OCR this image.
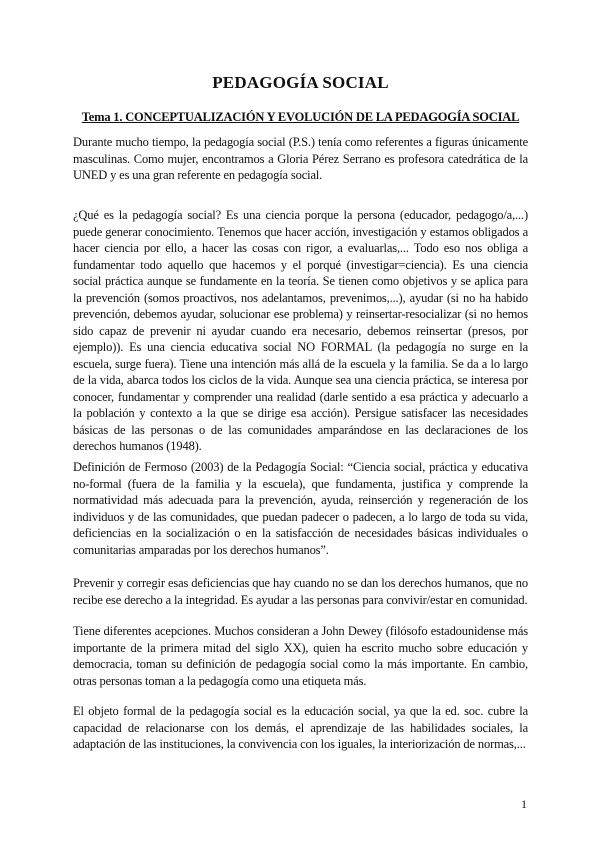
PEDAGOGÍA SOCIAL
Tema 1. CONCEPTUALIZACIÓN Y EVOLUCIÓN DE LA PEDAGOGÍA SOCIAL
Durante mucho tiempo, la pedagogía social (P.S.) tenía como referentes a figuras únicamente masculinas. Como mujer, encontramos a Gloria Pérez Serrano es profesora catedrática de la UNED y es una gran referente en pedagogía social.
¿Qué es la pedagogía social? Es una ciencia porque la persona (educador, pedagogo/a,...) puede generar conocimiento. Tenemos que hacer acción, investigación y estamos obligados a hacer ciencia por ello, a hacer las cosas con rigor, a evaluarlas,... Todo eso nos obliga a fundamentar todo aquello que hacemos y el porqué (investigar=ciencia). Es una ciencia social práctica aunque se fundamente en la teoría. Se tienen como objetivos y se aplica para la prevención (somos proactivos, nos adelantamos, prevenimos,...), ayudar (si no ha habido prevención, debemos ayudar, solucionar ese problema) y reinsertar-resocializar (si no hemos sido capaz de prevenir ni ayudar cuando era necesario, debemos reinsertar (presos, por ejemplo)). Es una ciencia educativa social NO FORMAL (la pedagogía no surge en la escuela, surge fuera). Tiene una intención más allá de la escuela y la familia. Se da a lo largo de la vida, abarca todos los ciclos de la vida. Aunque sea una ciencia práctica, se interesa por conocer, fundamentar y comprender una realidad (darle sentido a esa práctica y adecuarlo a la población y contexto a la que se dirige esa acción). Persigue satisfacer las necesidades básicas de las personas o de las comunidades amparándose en las declaraciones de los derechos humanos (1948).
Definición de Fermoso (2003) de la Pedagogía Social: “Ciencia social, práctica y educativa no-formal (fuera de la familia y la escuela), que fundamenta, justifica y comprende la normatividad más adecuada para la prevención, ayuda, reinserción y regeneración de los individuos y de las comunidades, que puedan padecer o padecen, a lo largo de toda su vida, deficiencias en la socialización o en la satisfacción de necesidades básicas individuales o comunitarias amparadas por los derechos humanos”.
Prevenir y corregir esas deficiencias que hay cuando no se dan los derechos humanos, que no recibe ese derecho a la integridad. Es ayudar a las personas para convivir/estar en comunidad.
Tiene diferentes acepciones. Muchos consideran a John Dewey (filósofo estadounidense más importante de la primera mitad del siglo XX), quien ha escrito mucho sobre educación y democracia, toman su definición de pedagogía social como la más importante. En cambio, otras personas toman a la pedagogía como una etiqueta más.
El objeto formal de la pedagogía social es la educación social, ya que la ed. soc. cubre la capacidad de relacionarse con los demás, el aprendizaje de las habilidades sociales, la adaptación de las instituciones, la convivencia con los iguales, la interiorización de normas,...
1
